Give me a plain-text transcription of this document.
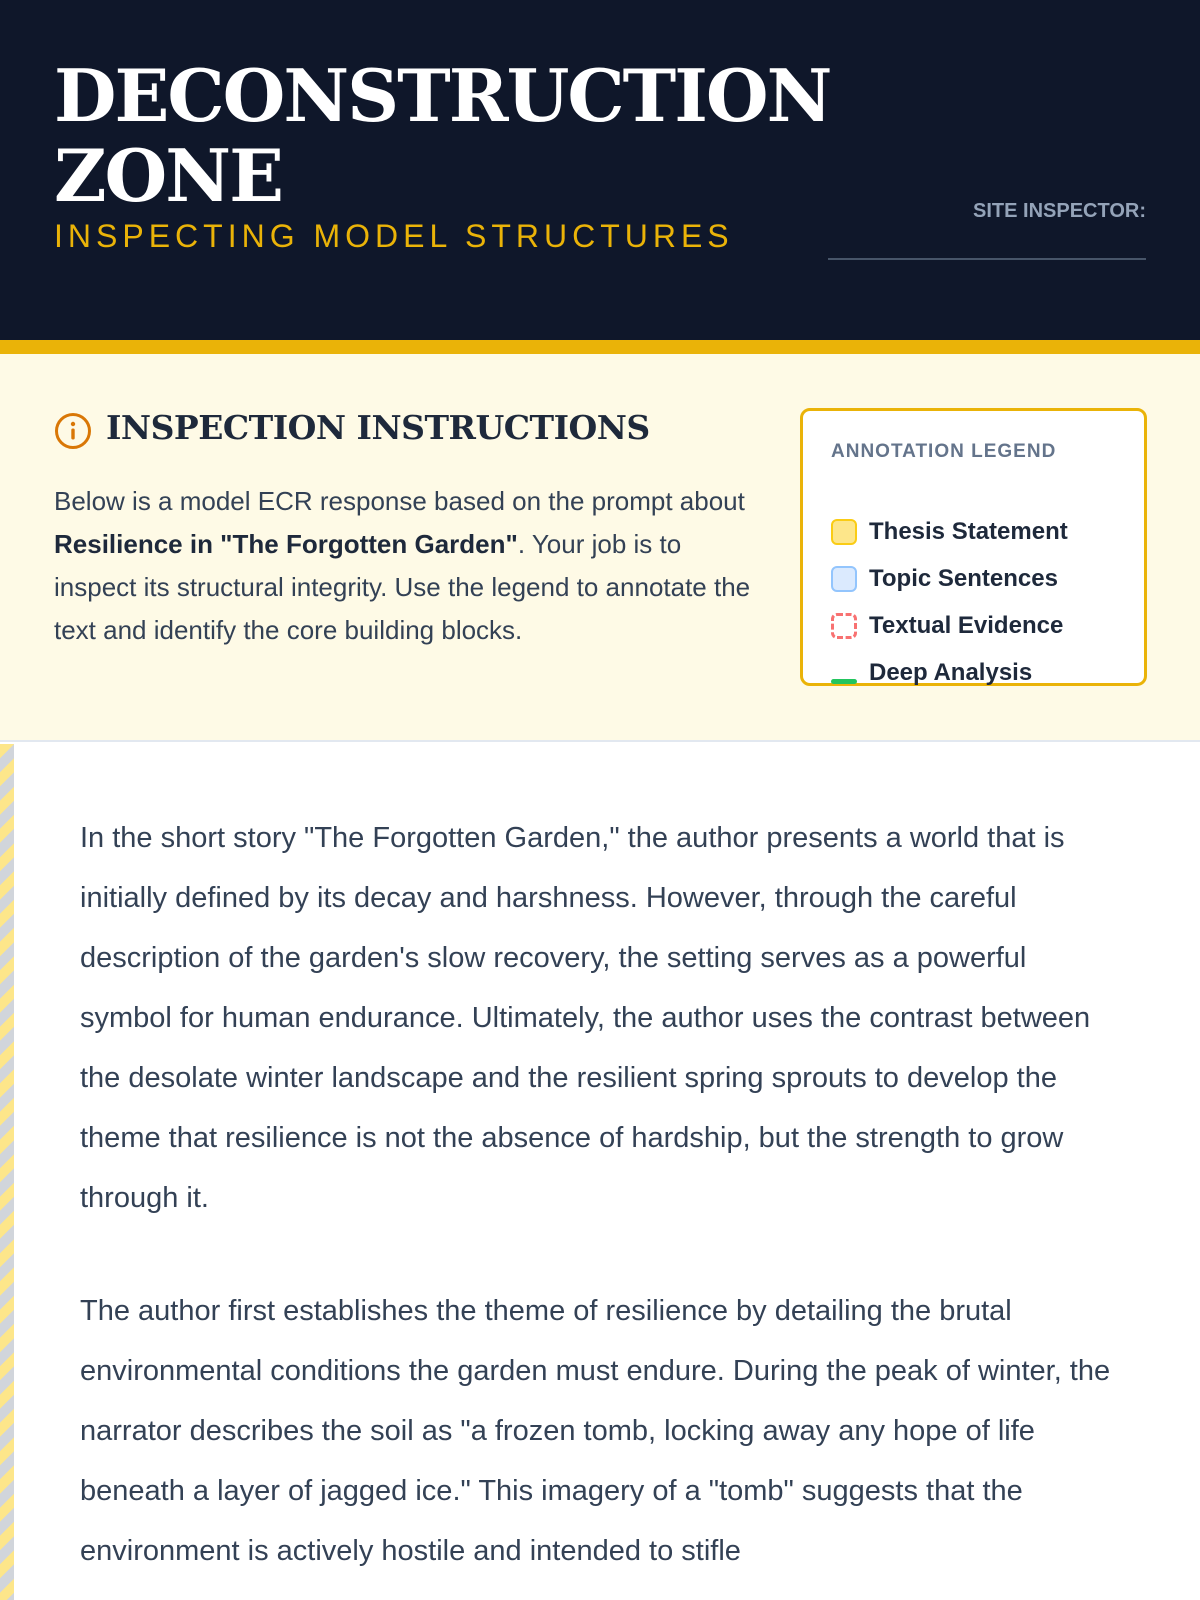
DECONSTRUCTION ZONE
INSPECTING MODEL STRUCTURES
SITE INSPECTOR:
INSPECTION INSTRUCTIONS

Below is a model ECR response based on the prompt about Resilience in "The Forgotten Garden". Your job is to inspect its structural integrity. Use the legend to annotate the text and identify the core building blocks.

ANNOTATION LEGEND
Thesis Statement
Topic Sentences
Textual Evidence
Deep Analysis

In the short story "The Forgotten Garden," the author presents a world that is initially defined by its decay and harshness. However, through the careful description of the garden's slow recovery, the setting serves as a powerful symbol for human endurance. Ultimately, the author uses the contrast between the desolate winter landscape and the resilient spring sprouts to develop the theme that resilience is not the absence of hardship, but the strength to grow through it.

The author first establishes the theme of resilience by detailing the brutal environmental conditions the garden must endure. During the peak of winter, the narrator describes the soil as "a frozen tomb, locking away any hope of life beneath a layer of jagged ice." This imagery of a "tomb" suggests that the environment is actively hostile and intended to stifle
